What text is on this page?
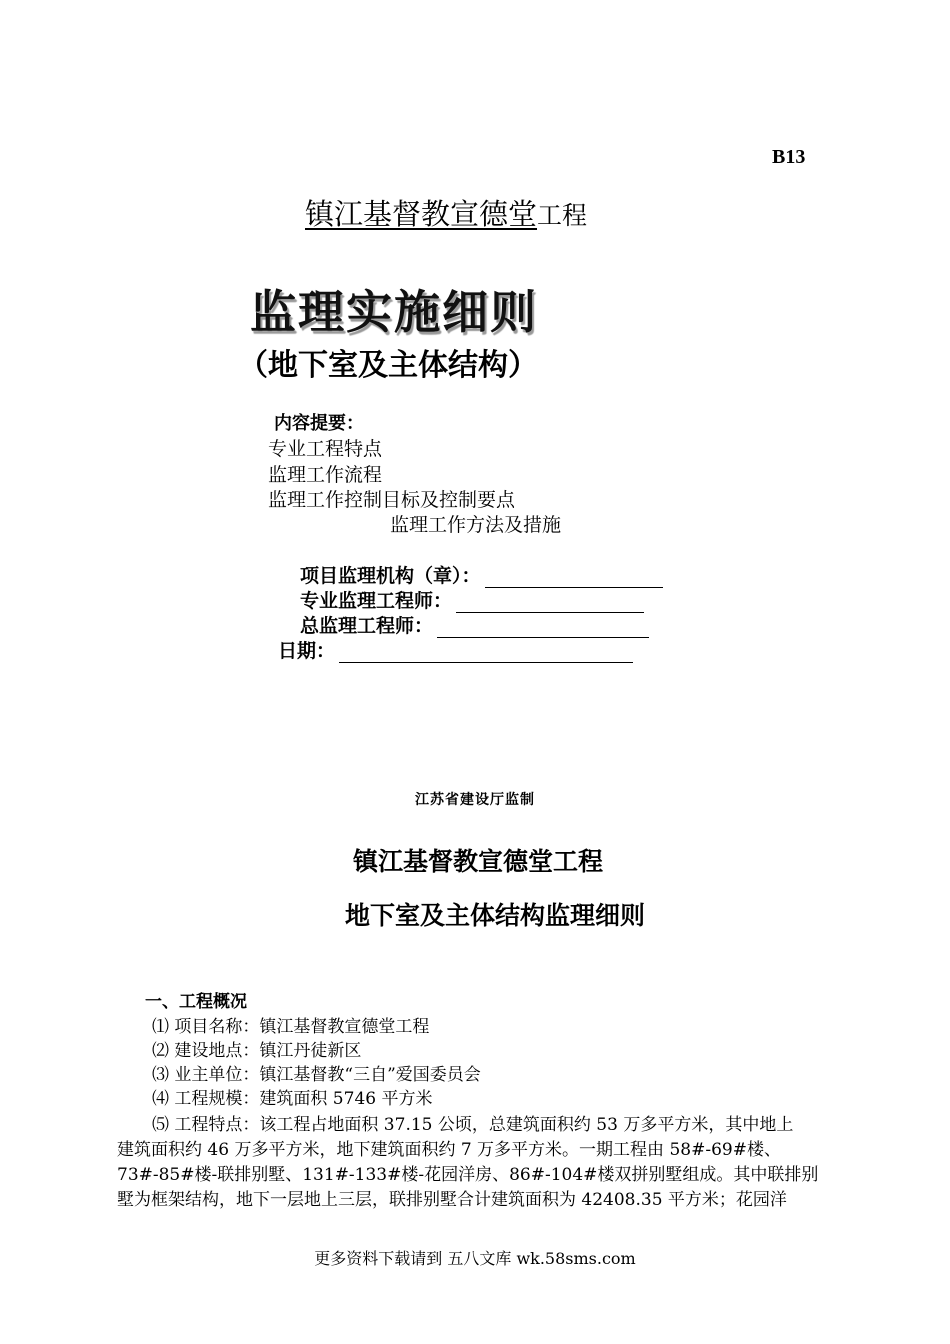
B13
镇江基督教宣德堂工程
监理实施细则
（地下室及主体结构）
内容提要：
专业工程特点
监理工作流程
监理工作控制目标及控制要点
监理工作方法及措施
项目监理机构（章）：
专业监理工程师：
总监理工程师：
日期：
江苏省建设厅监制
镇江基督教宣德堂工程
地下室及主体结构监理细则
一、工程概况
⑴ 项目名称：镇江基督教宣德堂工程
⑵ 建设地点：镇江丹徒新区
⑶ 业主单位：镇江基督教“三自”爱国委员会
⑷ 工程规模：建筑面积 5746 平方米
⑸ 工程特点：该工程占地面积 37.15 公顷，总建筑面积约 53 万多平方米，其中地上
建筑面积约 46 万多平方米，地下建筑面积约 7 万多平方米。一期工程由 58#-69#楼、
73#-85#楼-联排别墅、131#-133#楼-花园洋房、86#-104#楼双拼别墅组成。其中联排别
墅为框架结构，地下一层地上三层，联排别墅合计建筑面积为 42408.35 平方米；花园洋
更多资料下载请到 五八文库 wk.58sms.com
